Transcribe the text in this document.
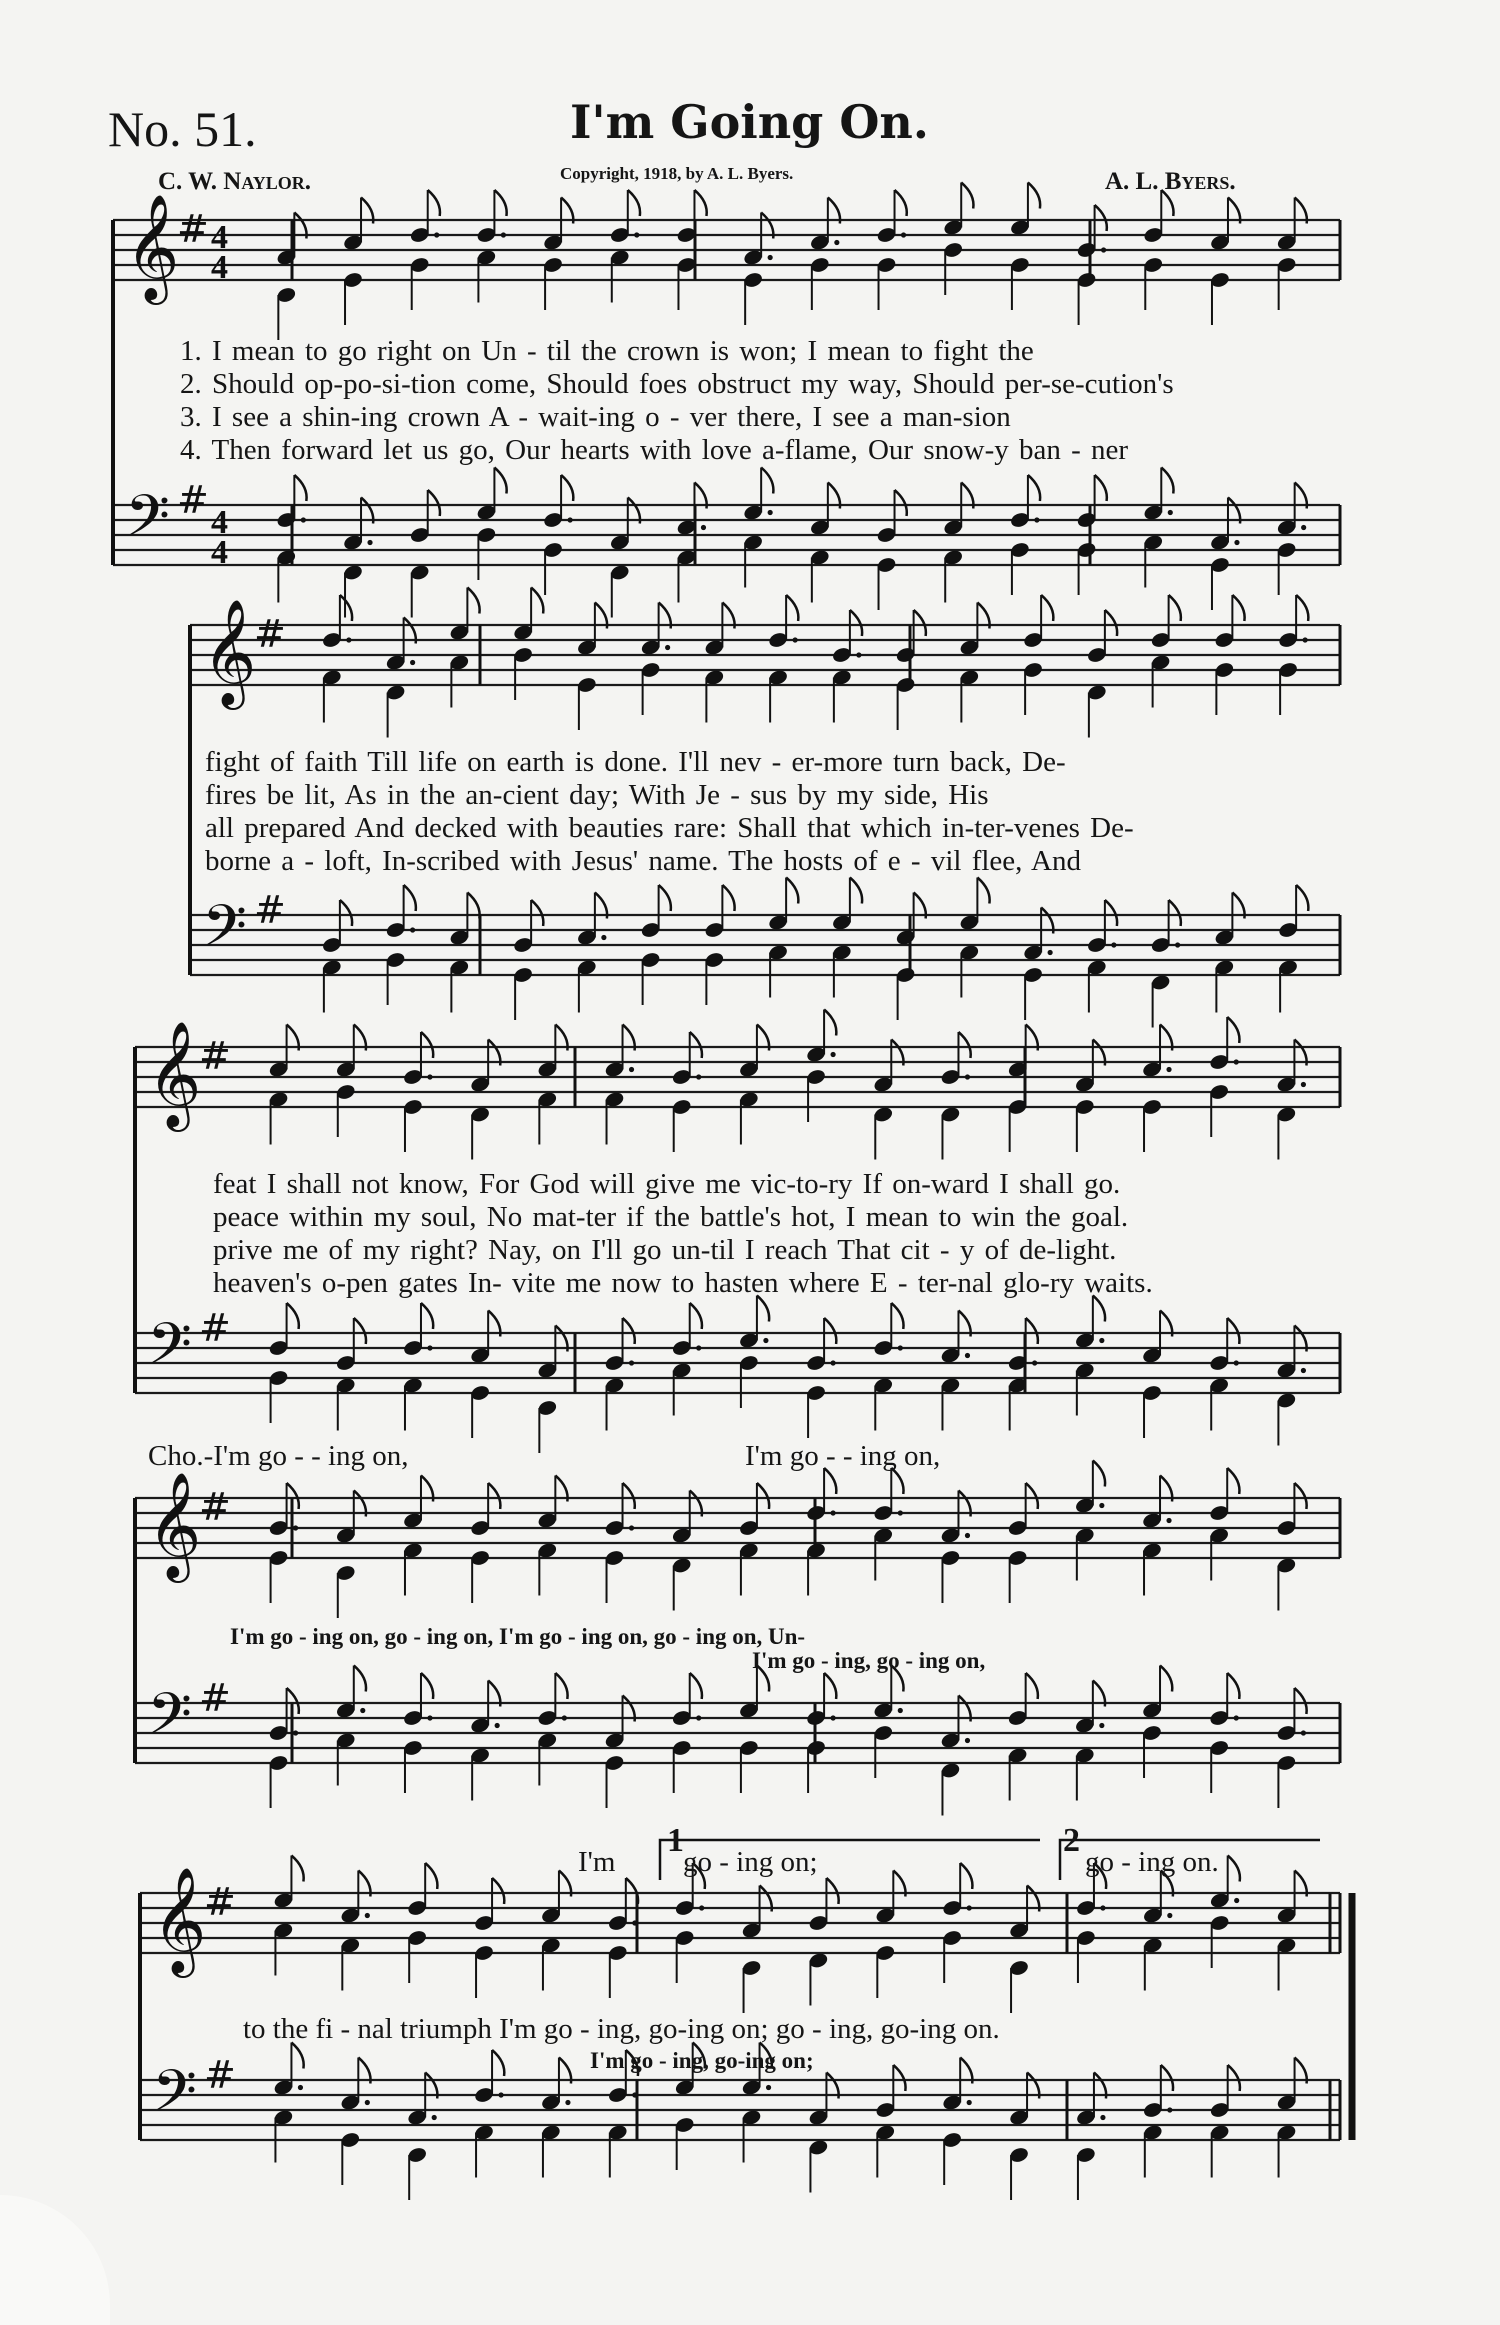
No. 51.	I'm Going On.
C. W. Naylor.	Copyright, 1918, by A. L. Byers.	A. L. Byers.
𝄞
#
𝄢 #
4
4
4
4
𝄞
#
𝄢 #
𝄞
#
𝄢 #
𝄞
#
𝄢 #
𝄞
#
𝄢 #
1. I mean to go right on Un - til the crown is won; I mean to fight the
2. Should op-po-si-tion come, Should foes obstruct my way, Should per-se-cution's
3. I see a shin-ing crown A - wait-ing o - ver there, I see a man-sion
4. Then forward let us go, Our hearts with love a-flame, Our snow-y ban - ner
fight of faith Till life on earth is done. I'll nev - er-more turn back, De-
fires be lit, As in the an-cient day; With Je - sus by my side, His
all prepared And decked with beauties rare: Shall that which in-ter-venes De-
borne a - loft, In-scribed with Jesus' name. The hosts of e - vil flee, And
feat I shall not know, For God will give me vic-to-ry If on-ward I shall go.
peace within my soul, No mat-ter if the battle's hot, I mean to win the goal.
prive me of my right? Nay, on I'll go un-til I reach That cit - y of de-light.
heaven's o-pen gates In- vite me now to hasten where E - ter-nal glo-ry waits.
Cho.-I'm go - - ing on,	I'm go - - ing on,
I'm go - ing on, go - ing on, I'm go - ing on, go - ing on, Un-
I'm go - ing, go - ing on,
I'm
1
go - ing on;
2
go - ing on.
to the fi - nal triumph I'm go - ing, go-ing on; go - ing, go-ing on.
I'm go - ing, go-ing on;
